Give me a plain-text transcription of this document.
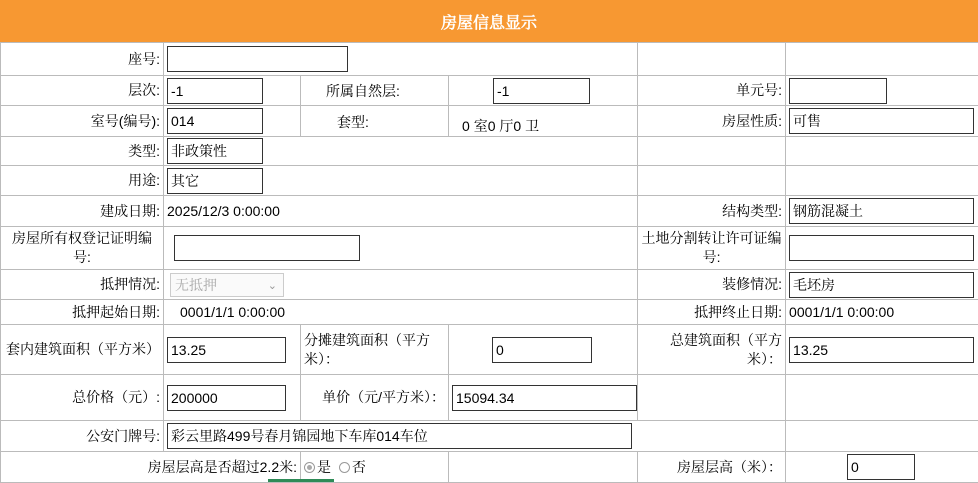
房屋信息显示
座号:					
层次:	-1	所属自然层:	-1	单元号:	
室号(编号):	014	套型:	0 室0 厅0 卫	房屋性质:	可售
类型:	非政策性				
用途:	其它				
建成日期:	2025/12/3 0:00:00			结构类型:	钢筋混凝土
房屋所有权登记证明编号:				土地分割转让许可证编号:	
抵押情况:	无抵押 ⌄			装修情况:	毛坯房
抵押起始日期:	0001/1/1 0:00:00			抵押终止日期:	0001/1/1 0:00:00
套内建筑面积（平方米）	13.25	分摊建筑面积（平方米）：	0	总建筑面积（平方米）：	13.25
总价格（元）:	200000	单价（元/平方米）：	15094.34		
公安门牌号:	彩云里路499号春月锦园地下车库014车位				
房屋层高是否超过2.2米:		是 否		房屋层高（米）：	0
